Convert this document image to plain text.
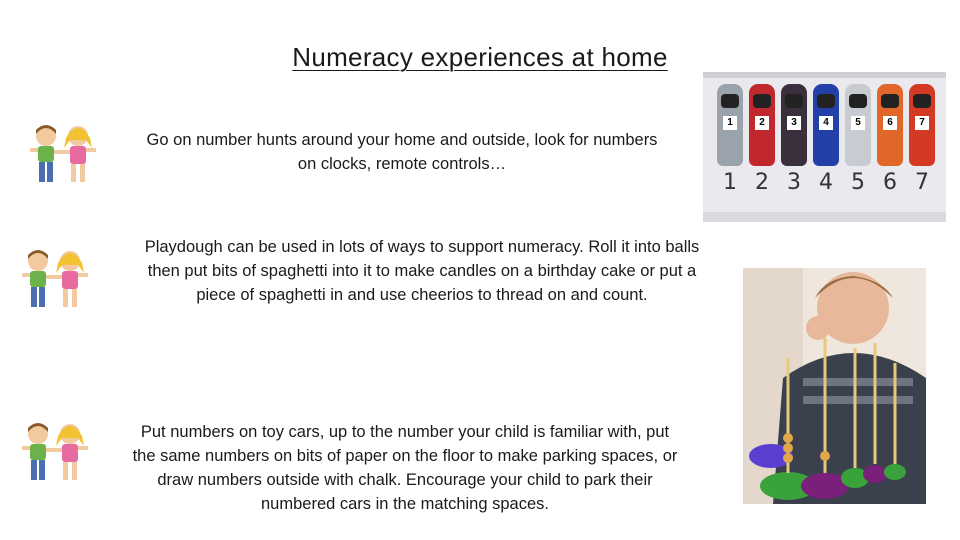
Numeracy experiences at home
Go on number hunts around your home and outside, look for numbers
on clocks, remote controls…
Playdough can be used in lots of ways to support numeracy. Roll it into balls
then put bits of spaghetti into it to make candles on a birthday cake or put a
piece of spaghetti in and use cheerios to thread on and count.
Put numbers on toy cars, up to the number your child is familiar with, put
the same numbers on bits of paper on the floor to make parking spaces, or
draw numbers outside with chalk. Encourage your child to park their
numbered cars in the matching spaces.
1	2	3	4	5	6	7
1 2 3 4 5 6 7
